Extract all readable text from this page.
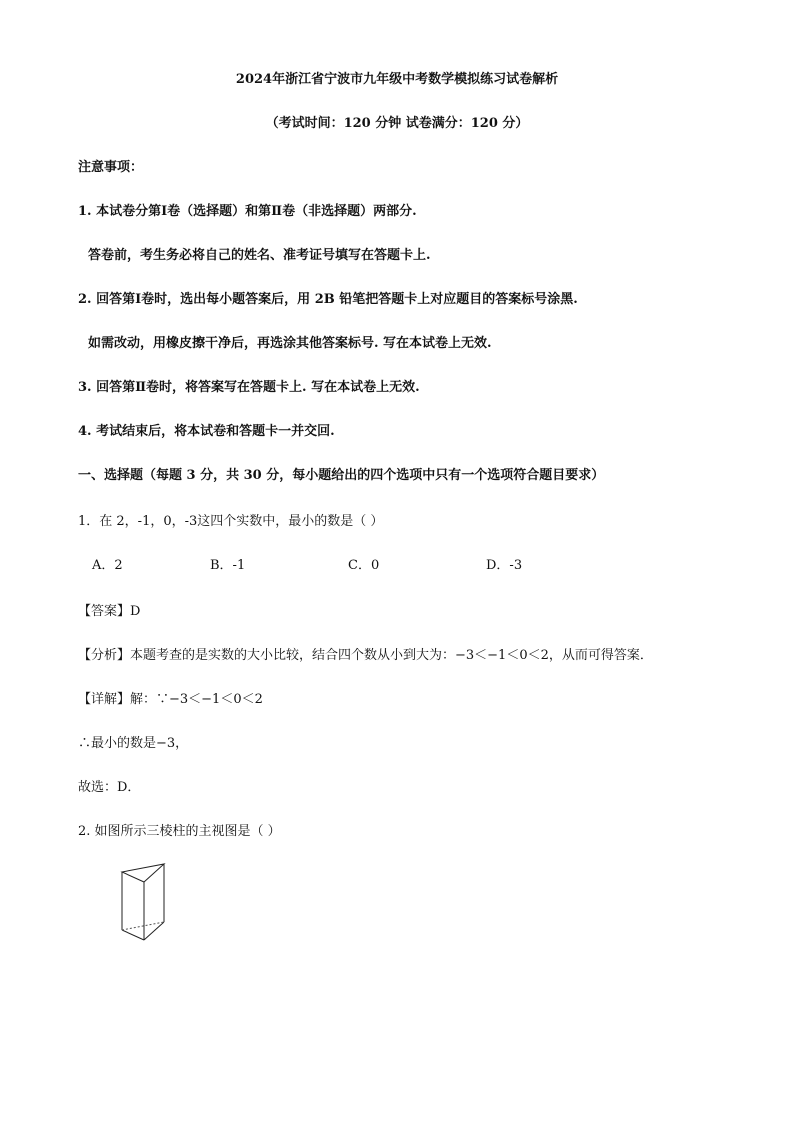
2024年浙江省宁波市九年级中考数学模拟练习试卷解析
（考试时间：120 分钟 试卷满分：120 分）
注意事项：
1. 本试卷分第Ⅰ卷（选择题）和第Ⅱ卷（非选择题）两部分.
答卷前，考生务必将自己的姓名、准考证号填写在答题卡上.
2. 回答第Ⅰ卷时，选出每小题答案后，用 2B 铅笔把答题卡上对应题目的答案标号涂黑.
如需改动，用橡皮擦干净后，再选涂其他答案标号. 写在本试卷上无效.
3. 回答第Ⅱ卷时，将答案写在答题卡上. 写在本试卷上无效.
4. 考试结束后，将本试卷和答题卡一并交回.
一、选择题（每题 3 分，共 30 分，每小题给出的四个选项中只有一个选项符合题目要求）
1．在 2，-1，0，-3这四个实数中，最小的数是（ ）
A．2	B．-1	C．0	D．-3
【答案】D
【分析】本题考查的是实数的大小比较，结合四个数从小到大为：−3＜−1＜0＜2，从而可得答案．
【详解】解：∵−3＜−1＜0＜2
∴最小的数是−3，
故选：D．
2. 如图所示三棱柱的主视图是（ ）
